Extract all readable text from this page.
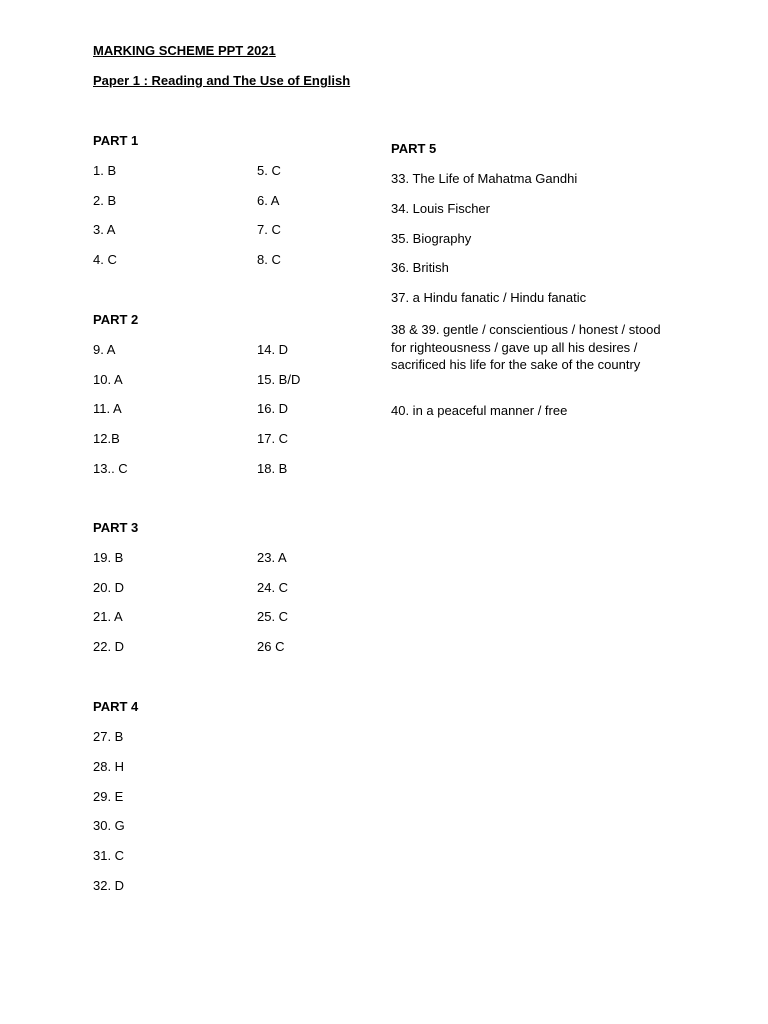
MARKING SCHEME PPT 2021
Paper 1 : Reading and The Use of English
PART 1
1. B
2. B
3. A
4. C
5. C
6. A
7. C
8. C
PART 2
9. A
10. A
11. A
12.B
13.. C
14. D
15. B/D
16. D
17. C
18. B
PART 3
19. B
20. D
21. A
22. D
23. A
24. C
25. C
26 C
PART 4
27. B
28. H
29. E
30. G
31. C
32. D
PART 5
33. The Life of Mahatma Gandhi
34. Louis Fischer
35. Biography
36. British
37. a Hindu fanatic / Hindu fanatic
38 & 39. gentle / conscientious / honest / stood for righteousness / gave up all his desires / sacrificed his life for the sake of the country
40. in a peaceful manner / free
